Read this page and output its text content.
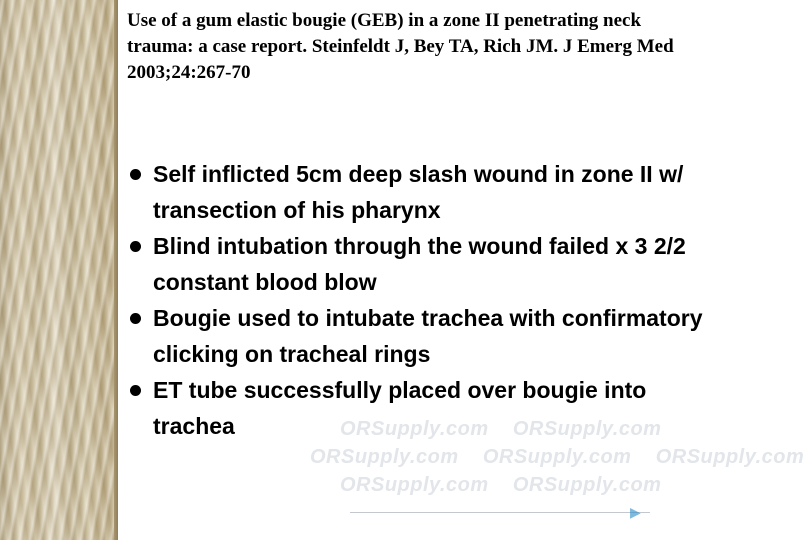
Use of a gum elastic bougie (GEB) in a zone II penetrating neck trauma: a case report. Steinfeldt J, Bey TA, Rich JM. J Emerg Med 2003;24:267-70
Self inflicted 5cm deep slash wound in zone II w/ transection of his pharynx
Blind intubation through the wound failed x 3 2/2 constant blood blow
Bougie used to intubate trachea with confirmatory clicking on tracheal rings
ET tube successfully placed over bougie into trachea	ORSupply.com ORSupply.com
ORSupply.com ORSupply.com ORSupply.com
ORSupply.com ORSupply.com
▶
